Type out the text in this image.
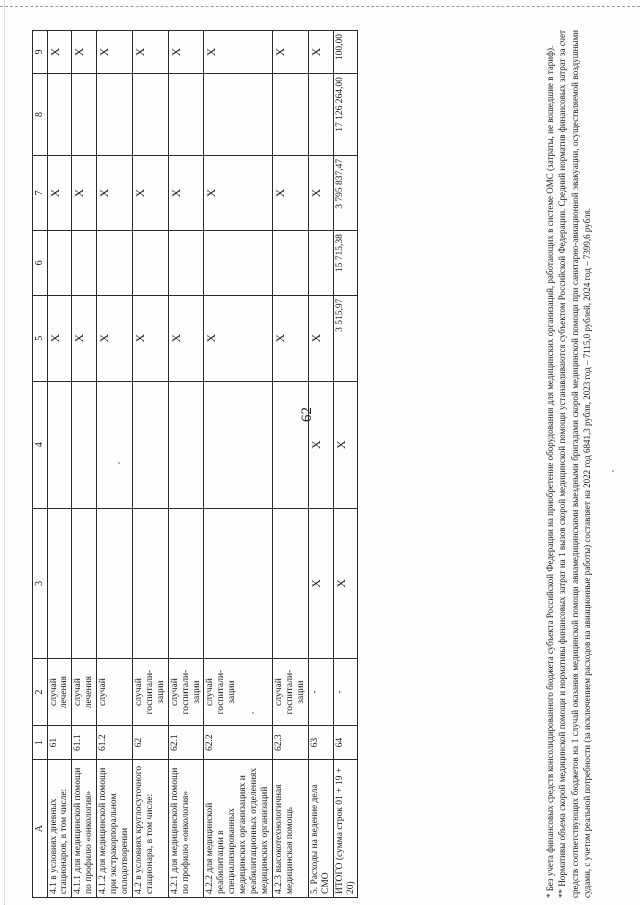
62
A	1	2	3	4	5	6	7	8	9
4.1 в условиях дневных стационаров, в том числе:	61	случай лечения			X		X		X
4.1.1 для медицинской помощи по профилю «онкология»	61.1	случай лечения			X		X		X
4.1.2 для медицинской помощи при экстракорпоральном оплодотворении	61.2	случай			X		X		X
4.2 в условиях круглосуточного стационара, в том числе:	62	случай госпитали-зации			X		X		X
4.2.1 для медицинской помощи по профилю «онкология»	62.1	случай госпитали-зации			X		X		X
4.2.2 для медицинской реабилитации в специализированных медицинских организациях и реабилитационных отделениях медицинских организаций	62.2	случай госпитали-зации			X		X		X
4.2.3 высокотехнологичная медицинская помощь	62.3	случай госпитали-зации			X		X		X
5. Расходы на ведение дела СМО	63	-	X	X	X		X		X
ИТОГО (сумма строк 01 + 19 + 20)	64	-	X	X	3 515,97	15 715,38	3 795 837,47	17 126 264,00	100,00	* Без учета финансовых средств консолидированного бюджета субъекта Российской Федерации на приобретение оборудования для медицинских организаций, работающих в системе ОМС (затраты, не вошедшие в тариф). ** Нормативы объема скорой медицинской помощи и нормативы финансовых затрат на 1 вызов скорой медицинской помощи устанавливаются субъектом Российской Федерации. Средний норматив финансовых затрат за счет средств соответствующих бюджетов на 1 случай оказания медицинской помощи авиамедицинскими выездными бригадами скорой медицинской помощи при санитарно-авиационной эвакуации, осуществляемой воздушными судами, с учетом реальной потребности (за исключением расходов на авиационные работы) составляет на 2022 год 6841,3 рубля, 2023 год – 7115,0 рублей, 2024 год – 7399,6 рубля.
